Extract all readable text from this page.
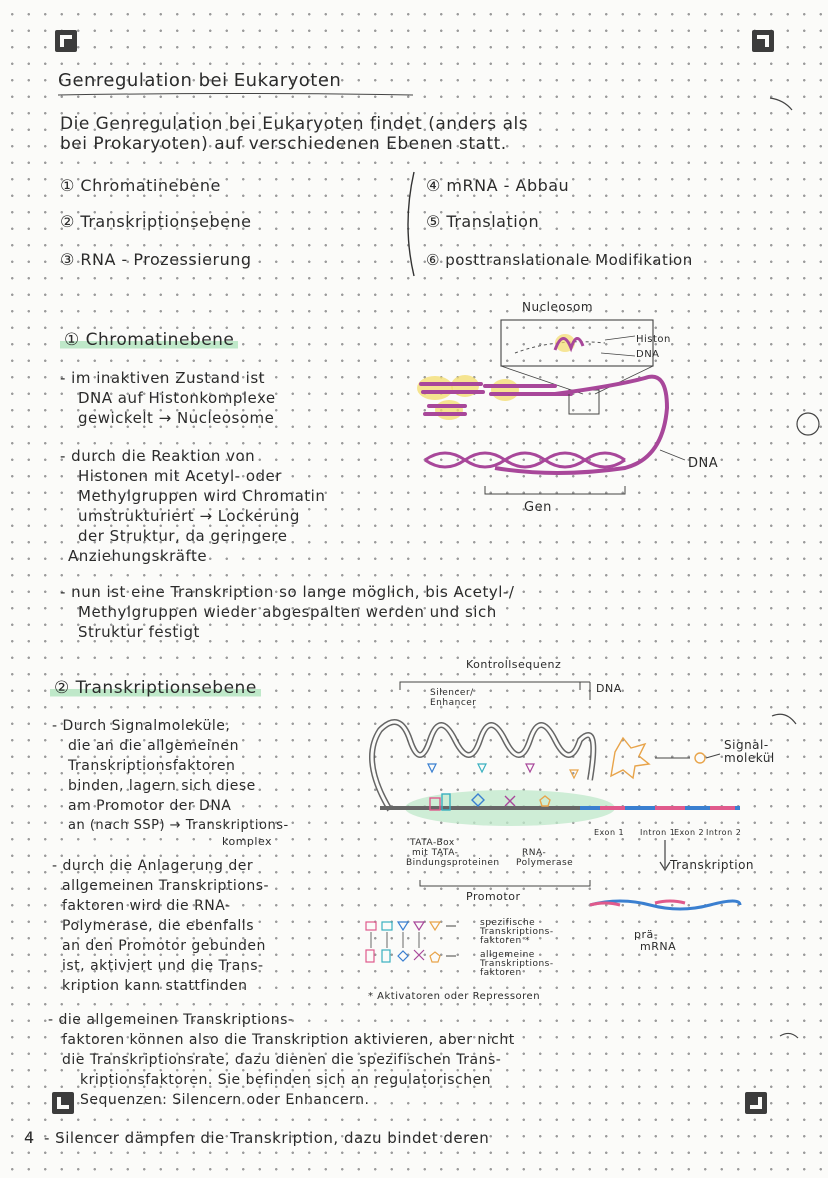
Genregulation bei Eukaryoten
Die Genregulation bei Eukaryoten findet (anders als
bei Prokaryoten) auf verschiedenen Ebenen statt.
① Chromatinebene
② Transkriptionsebene
③ RNA - Prozessierung
④ mRNA - Abbau
⑤ Translation
⑥ posttranslationale Modifikation
① Chromatinebene
- im inaktiven Zustand ist
DNA auf Histonkomplexe
gewickelt → Nucleosome
- durch die Reaktion von
Histonen mit Acetyl- oder
Methylgruppen wird Chromatin
umstrukturiert → Lockerung
der Struktur, da geringere
Anziehungskräfte
Nucleosom
Histon
DNA
DNA
Gen
- nun ist eine Transkription so lange möglich, bis Acetyl-/
Methylgruppen wieder abgespalten werden und sich
Struktur festigt
② Transkriptionsebene
- Durch Signalmoleküle,
die an die allgemeinen
Transkriptionsfaktoren
binden, lagern sich diese
am Promotor der DNA
an (nach SSP) → Transkriptions-
komplex
- durch die Anlagerung der
allgemeinen Transkriptions-
faktoren wird die RNA-
Polymerase, die ebenfalls
an den Promotor gebunden
ist, aktiviert und die Trans-
kription kann stattfinden
Kontrollsequenz
Silencer/
Enhancer
DNA
Signal-
molekül
TATA-Box
mit TATA-
Bindungsproteinen
RNA-
Polymerase
Exon 1 Intron 1
Exon 2 Intron 2
Transkription
Promotor
prä-
mRNA
spezifische
Transkriptions-
faktoren *
allgemeine
Transkriptions-
faktoren
* Aktivatoren oder Repressoren
- die allgemeinen Transkriptions-
faktoren können also die Transkription aktivieren, aber nicht
die Transkriptionsrate, dazu dienen die spezifischen Trans-
kriptionsfaktoren. Sie befinden sich an regulatorischen
Sequenzen: Silencern oder Enhancern.
4 - Silencer dämpfen die Transkription, dazu bindet deren
